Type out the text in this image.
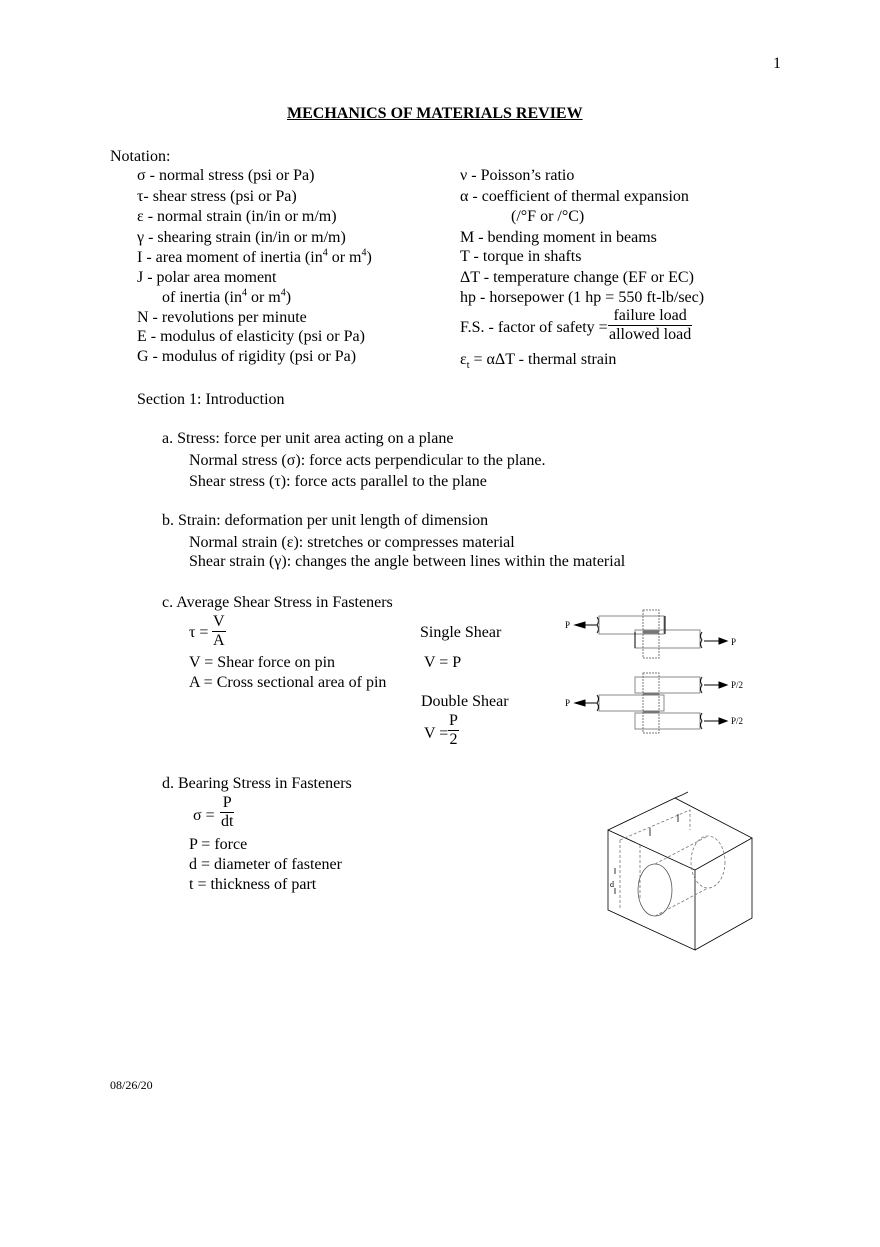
1
MECHANICS OF MATERIALS REVIEW
Notation:
σ - normal stress (psi or Pa)
τ- shear stress (psi or Pa)
ε - normal strain (in/in or m/m)
γ - shearing strain (in/in or m/m)
I - area moment of inertia ($in^4$ or $m^4$)
J - polar area moment
of inertia ($in^4$ or $m^4$)
N - revolutions per minute
E - modulus of elasticity (psi or Pa)
G - modulus of rigidity (psi or Pa)
ν - Poisson’s ratio
α - coefficient of thermal expansion
(/°F or /°C)
M - bending moment in beams
T - torque in shafts
ΔT - temperature change (EF or EC)
hp - horsepower (1 hp = 550 ft-lb/sec)
F.S. - factor of safety =
failure load
allowed load
$\varepsilon_t = \alpha\Delta T$ - thermal strain
Section 1: Introduction
a. Stress: force per unit area acting on a plane
Normal stress (σ): force acts perpendicular to the plane.
Shear stress (τ): force acts parallel to the plane
b. Strain: deformation per unit length of dimension
Normal strain (ε): stretches or compresses material
Shear strain (γ): changes the angle between lines within the material
c. Average Shear Stress in Fasteners
$\tau = \frac{V}{A}$
V = Shear force on pin
A = Cross sectional area of pin
Single Shear
V = P
Double Shear
$V = \frac{P}{2}$
P
P
P
P/2
P/2
d. Bearing Stress in Fasteners
$\sigma = \frac{P}{dt}$
P = force
d = diameter of fastener
t = thickness of part	d
08/26/20
